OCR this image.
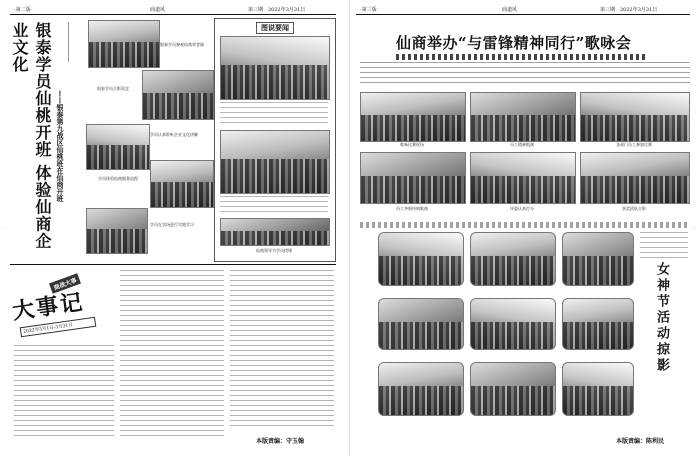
·第二版·	商道风	第三期 2022年3月31日
银泰学员仙桃开班 体验仙商企业文化
——银泰第九战区仙桃班在仙商开班
银泰学员参观仙商荣誉墙
银泰学员合影留念
学员认真聆听企业文化讲解
学员体验仙商服务流程
学员在卖场进行实地学习
图说要闻
仙商领导为学员授课
商战大事
大事记
2022年3月1日-3月31日
本版责编：守玉翰
·	·
·第三版·	商道风	第三期 2022年3月31日
仙商举办“与雷锋精神同行”歌咏会
歌咏比赛现场	员工精神饱满	各部门员工参加比赛
员工齐唱经典歌曲	评委认真打分	获奖团队合影
女神节活动掠影
本版责编：陈利民
